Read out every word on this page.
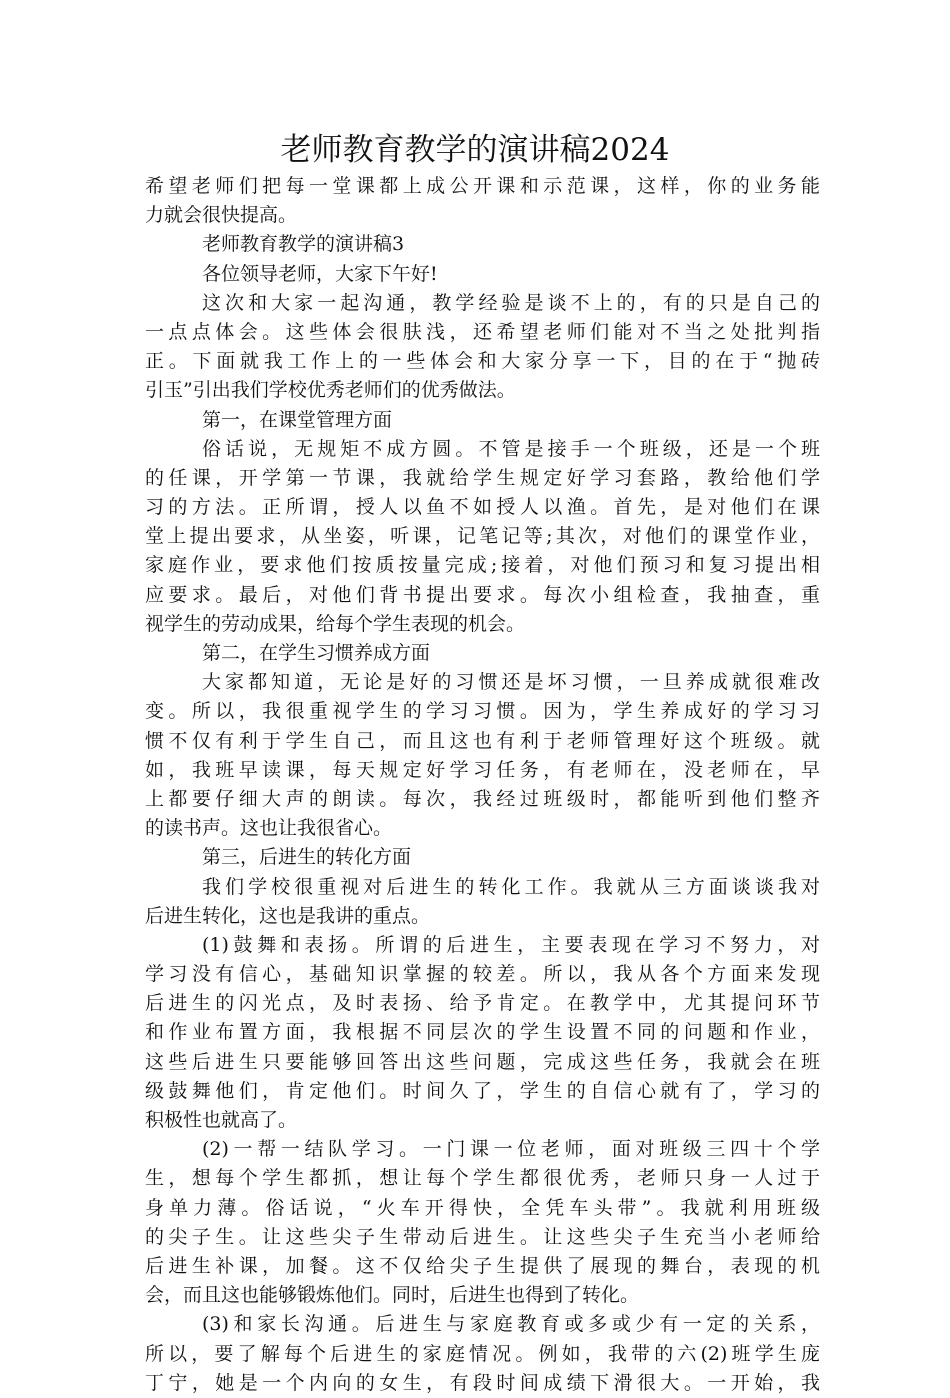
老师教育教学的演讲稿2024
希望老师们把每一堂课都上成公开课和示范课，这样，你的业务能
力就会很快提高。
老师教育教学的演讲稿3
各位领导老师，大家下午好!
这次和大家一起沟通，教学经验是谈不上的，有的只是自己的
一点点体会。这些体会很肤浅，还希望老师们能对不当之处批判指
正。下面就我工作上的一些体会和大家分享一下，目的在于“抛砖
引玉”引出我们学校优秀老师们的优秀做法。
第一，在课堂管理方面
俗话说，无规矩不成方圆。不管是接手一个班级，还是一个班
的任课，开学第一节课，我就给学生规定好学习套路，教给他们学
习的方法。正所谓，授人以鱼不如授人以渔。首先，是对他们在课
堂上提出要求，从坐姿，听课，记笔记等;其次，对他们的课堂作业，
家庭作业，要求他们按质按量完成;接着，对他们预习和复习提出相
应要求。最后，对他们背书提出要求。每次小组检查，我抽查，重
视学生的劳动成果，给每个学生表现的机会。
第二，在学生习惯养成方面
大家都知道，无论是好的习惯还是坏习惯，一旦养成就很难改
变。所以，我很重视学生的学习习惯。因为，学生养成好的学习习
惯不仅有利于学生自己，而且这也有利于老师管理好这个班级。就
如，我班早读课，每天规定好学习任务，有老师在，没老师在，早
上都要仔细大声的朗读。每次，我经过班级时，都能听到他们整齐
的读书声。这也让我很省心。
第三，后进生的转化方面
我们学校很重视对后进生的转化工作。我就从三方面谈谈我对
后进生转化，这也是我讲的重点。
(1)鼓舞和表扬。所谓的后进生，主要表现在学习不努力，对
学习没有信心，基础知识掌握的较差。所以，我从各个方面来发现
后进生的闪光点，及时表扬、给予肯定。在教学中，尤其提问环节
和作业布置方面，我根据不同层次的学生设置不同的问题和作业，
这些后进生只要能够回答出这些问题，完成这些任务，我就会在班
级鼓舞他们，肯定他们。时间久了，学生的自信心就有了，学习的
积极性也就高了。
(2)一帮一结队学习。一门课一位老师，面对班级三四十个学
生，想每个学生都抓，想让每个学生都很优秀，老师只身一人过于
身单力薄。俗话说，“火车开得快，全凭车头带”。我就利用班级
的尖子生。让这些尖子生带动后进生。让这些尖子生充当小老师给
后进生补课，加餐。这不仅给尖子生提供了展现的舞台，表现的机
会，而且这也能够锻炼他们。同时，后进生也得到了转化。
(3)和家长沟通。后进生与家庭教育或多或少有一定的关系，
所以，要了解每个后进生的家庭情况。例如，我带的六(2)班学生庞
丁宁，她是一个内向的女生，有段时间成绩下滑很大。一开始，我
